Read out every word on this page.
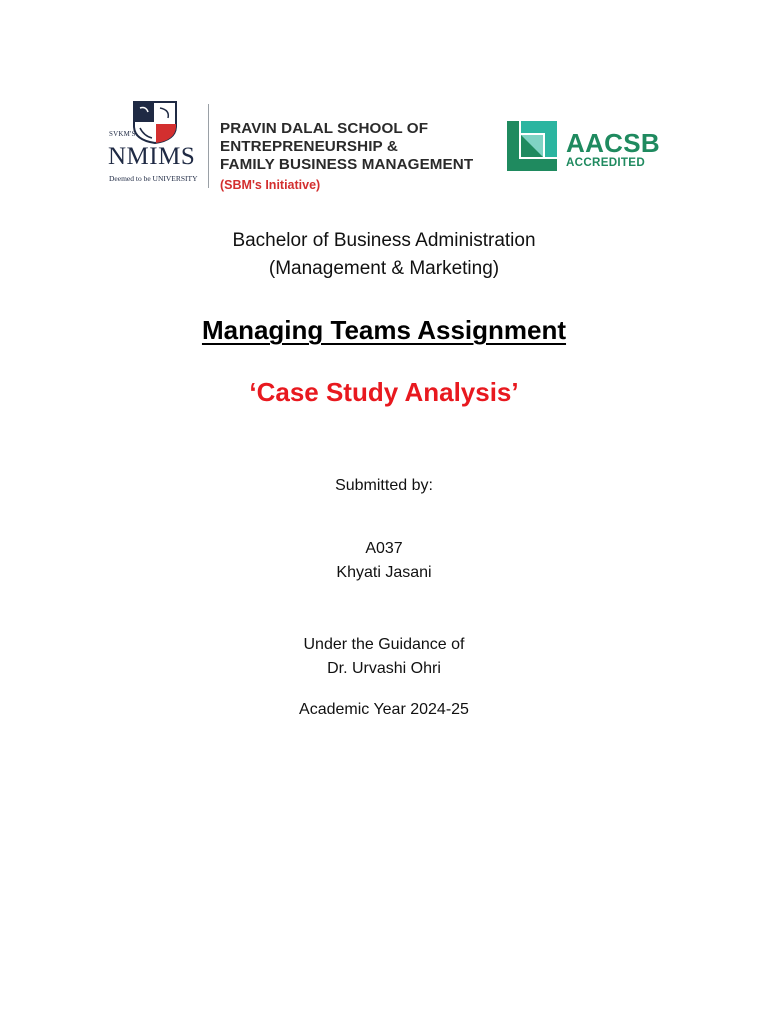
SVKM'S
NMIMS
Deemed to be UNIVERSITY
PRAVIN DALAL SCHOOL OF
ENTREPRENEURSHIP &
FAMILY BUSINESS MANAGEMENT
(SBM's Initiative)
AACSB
ACCREDITED
Bachelor of Business Administration
(Management & Marketing)
Managing Teams Assignment
‘Case Study Analysis’
Submitted by:
A037
Khyati Jasani
Under the Guidance of
Dr. Urvashi Ohri
Academic Year 2024-25
